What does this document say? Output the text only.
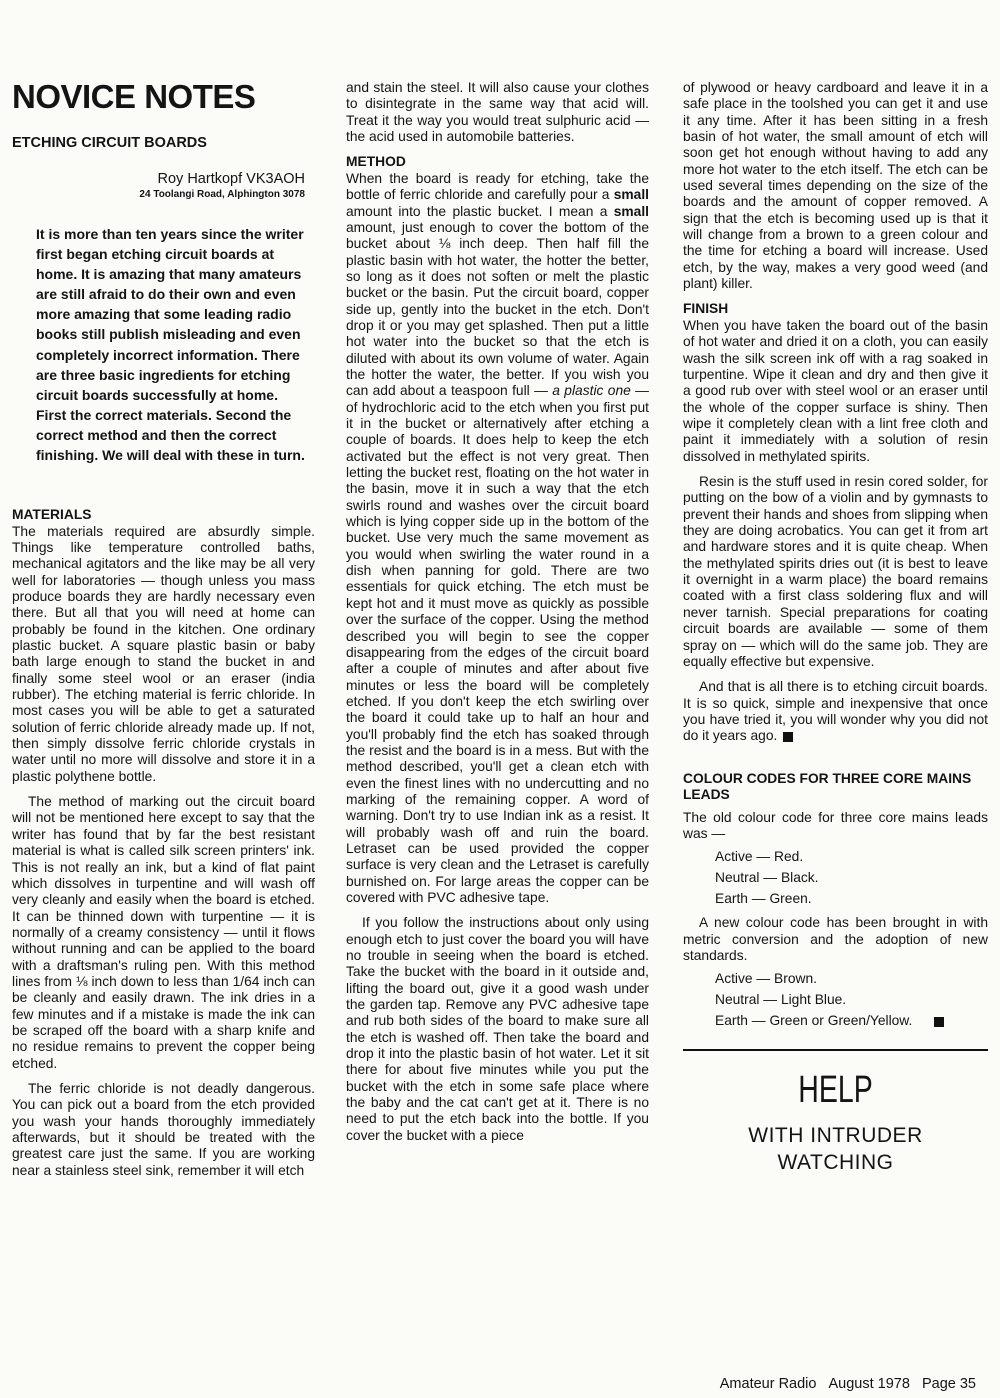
NOVICE NOTES
ETCHING CIRCUIT BOARDS

Roy Hartkopf VK3AOH

24 Toolangi Road, Alphington 3078

It is more than ten years since the writer first began etching circuit boards at home. It is amazing that many amateurs are still afraid to do their own and even more amazing that some leading radio books still publish misleading and even completely incorrect information. There are three basic ingredients for etching circuit boards successfully at home. First the correct materials. Second the correct method and then the correct finishing. We will deal with these in turn.

MATERIALS

The materials required are absurdly simple. Things like temperature controlled baths, mechanical agitators and the like may be all very well for laboratories — though unless you mass produce boards they are hardly necessary even there. But all that you will need at home can probably be found in the kitchen. One ordinary plastic bucket. A square plastic basin or baby bath large enough to stand the bucket in and finally some steel wool or an eraser (india rubber). The etching material is ferric chloride. In most cases you will be able to get a saturated solution of ferric chloride already made up. If not, then simply dissolve ferric chloride crystals in water until no more will dissolve and store it in a plastic polythene bottle.

The method of marking out the circuit board will not be mentioned here except to say that the writer has found that by far the best resistant material is what is called silk screen printers' ink. This is not really an ink, but a kind of flat paint which dissolves in turpentine and will wash off very cleanly and easily when the board is etched. It can be thinned down with turpentine — it is normally of a creamy consistency — until it flows without running and can be applied to the board with a draftsman's ruling pen. With this method lines from ⅛ inch down to less than 1/64 inch can be cleanly and easily drawn. The ink dries in a few minutes and if a mistake is made the ink can be scraped off the board with a sharp knife and no residue remains to prevent the copper being etched.

The ferric chloride is not deadly dangerous. You can pick out a board from the etch provided you wash your hands thoroughly immediately afterwards, but it should be treated with the greatest care just the same. If you are working near a stainless steel sink, remember it will etch

and stain the steel. It will also cause your clothes to disintegrate in the same way that acid will. Treat it the way you would treat sulphuric acid — the acid used in automobile batteries.

METHOD

When the board is ready for etching, take the bottle of ferric chloride and carefully pour a small amount into the plastic bucket. I mean a small amount, just enough to cover the bottom of the bucket about ⅛ inch deep. Then half fill the plastic basin with hot water, the hotter the better, so long as it does not soften or melt the plastic bucket or the basin. Put the circuit board, copper side up, gently into the bucket in the etch. Don't drop it or you may get splashed. Then put a little hot water into the bucket so that the etch is diluted with about its own volume of water. Again the hotter the water, the better. If you wish you can add about a teaspoon full — a plastic one — of hydrochloric acid to the etch when you first put it in the bucket or alternatively after etching a couple of boards. It does help to keep the etch activated but the effect is not very great. Then letting the bucket rest, floating on the hot water in the basin, move it in such a way that the etch swirls round and washes over the circuit board which is lying copper side up in the bottom of the bucket. Use very much the same movement as you would when swirling the water round in a dish when panning for gold. There are two essentials for quick etching. The etch must be kept hot and it must move as quickly as possible over the surface of the copper. Using the method described you will begin to see the copper disappearing from the edges of the circuit board after a couple of minutes and after about five minutes or less the board will be completely etched. If you don't keep the etch swirling over the board it could take up to half an hour and you'll probably find the etch has soaked through the resist and the board is in a mess. But with the method described, you'll get a clean etch with even the finest lines with no undercutting and no marking of the remaining copper. A word of warning. Don't try to use Indian ink as a resist. It will probably wash off and ruin the board. Letraset can be used provided the copper surface is very clean and the Letraset is carefully burnished on. For large areas the copper can be covered with PVC adhesive tape.

If you follow the instructions about only using enough etch to just cover the board you will have no trouble in seeing when the board is etched. Take the bucket with the board in it outside and, lifting the board out, give it a good wash under the garden tap. Remove any PVC adhesive tape and rub both sides of the board to make sure all the etch is washed off. Then take the board and drop it into the plastic basin of hot water. Let it sit there for about five minutes while you put the bucket with the etch in some safe place where the baby and the cat can't get at it. There is no need to put the etch back into the bottle. If you cover the bucket with a piece

of plywood or heavy cardboard and leave it in a safe place in the toolshed you can get it and use it any time. After it has been sitting in a fresh basin of hot water, the small amount of etch will soon get hot enough without having to add any more hot water to the etch itself. The etch can be used several times depending on the size of the boards and the amount of copper removed. A sign that the etch is becoming used up is that it will change from a brown to a green colour and the time for etching a board will increase. Used etch, by the way, makes a very good weed (and plant) killer.

FINISH

When you have taken the board out of the basin of hot water and dried it on a cloth, you can easily wash the silk screen ink off with a rag soaked in turpentine. Wipe it clean and dry and then give it a good rub over with steel wool or an eraser until the whole of the copper surface is shiny. Then wipe it completely clean with a lint free cloth and paint it immediately with a solution of resin dissolved in methylated spirits.

Resin is the stuff used in resin cored solder, for putting on the bow of a violin and by gymnasts to prevent their hands and shoes from slipping when they are doing acrobatics. You can get it from art and hardware stores and it is quite cheap. When the methylated spirits dries out (it is best to leave it overnight in a warm place) the board remains coated with a first class soldering flux and will never tarnish. Special preparations for coating circuit boards are available — some of them spray on — which will do the same job. They are equally effective but expensive.

And that is all there is to etching circuit boards. It is so quick, simple and inexpensive that once you have tried it, you will wonder why you did not do it years ago.

COLOUR CODES FOR THREE CORE MAINS LEADS

The old colour code for three core mains leads was —

Active — Red.
Neutral — Black.
Earth — Green.

A new colour code has been brought in with metric conversion and the adoption of new standards.

Active — Brown.
Neutral — Light Blue.
Earth — Green or Green/Yellow.
HELP
WITH INTRUDER
WATCHING
Amateur Radio August 1978 Page 35
